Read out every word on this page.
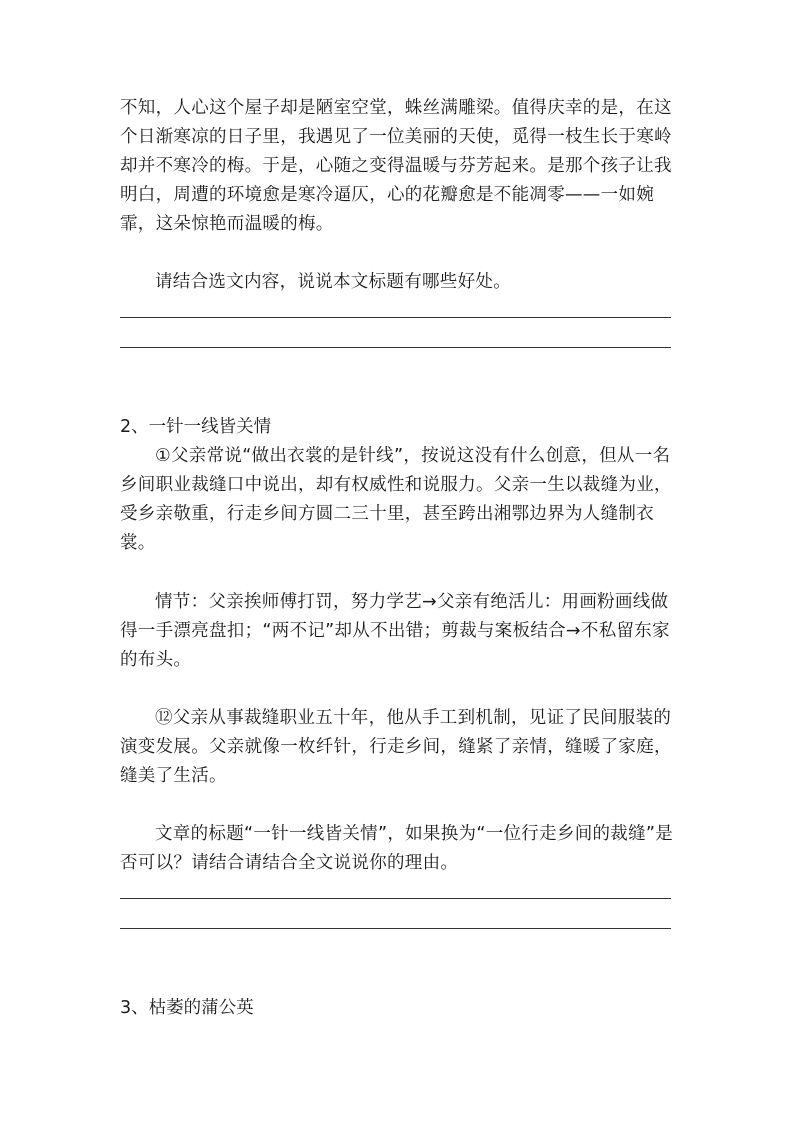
不知，人心这个屋子却是陋室空堂，蛛丝满雕梁。值得庆幸的是，在这个日渐寒凉的日子里，我遇见了一位美丽的天使，觅得一枝生长于寒岭却并不寒冷的梅。于是，心随之变得温暖与芬芳起来。是那个孩子让我明白，周遭的环境愈是寒冷逼仄，心的花瓣愈是不能凋零——一如婉霏，这朵惊艳而温暖的梅。
请结合选文内容，说说本文标题有哪些好处。
2、一针一线皆关情
①父亲常说“做出衣裳的是针线”，按说这没有什么创意，但从一名乡间职业裁缝口中说出，却有权威性和说服力。父亲一生以裁缝为业，受乡亲敬重，行走乡间方圆二三十里，甚至跨出湘鄂边界为人缝制衣裳。
情节：父亲挨师傅打罚，努力学艺→父亲有绝活儿：用画粉画线做得一手漂亮盘扣；“两不记”却从不出错；剪裁与案板结合→不私留东家的布头。
⑫父亲从事裁缝职业五十年，他从手工到机制，见证了民间服装的演变发展。父亲就像一枚纤针，行走乡间，缝紧了亲情，缝暖了家庭，缝美了生活。
文章的标题“一针一线皆关情”，如果换为“一位行走乡间的裁缝”是否可以？请结合请结合全文说说你的理由。
3、枯萎的蒲公英
